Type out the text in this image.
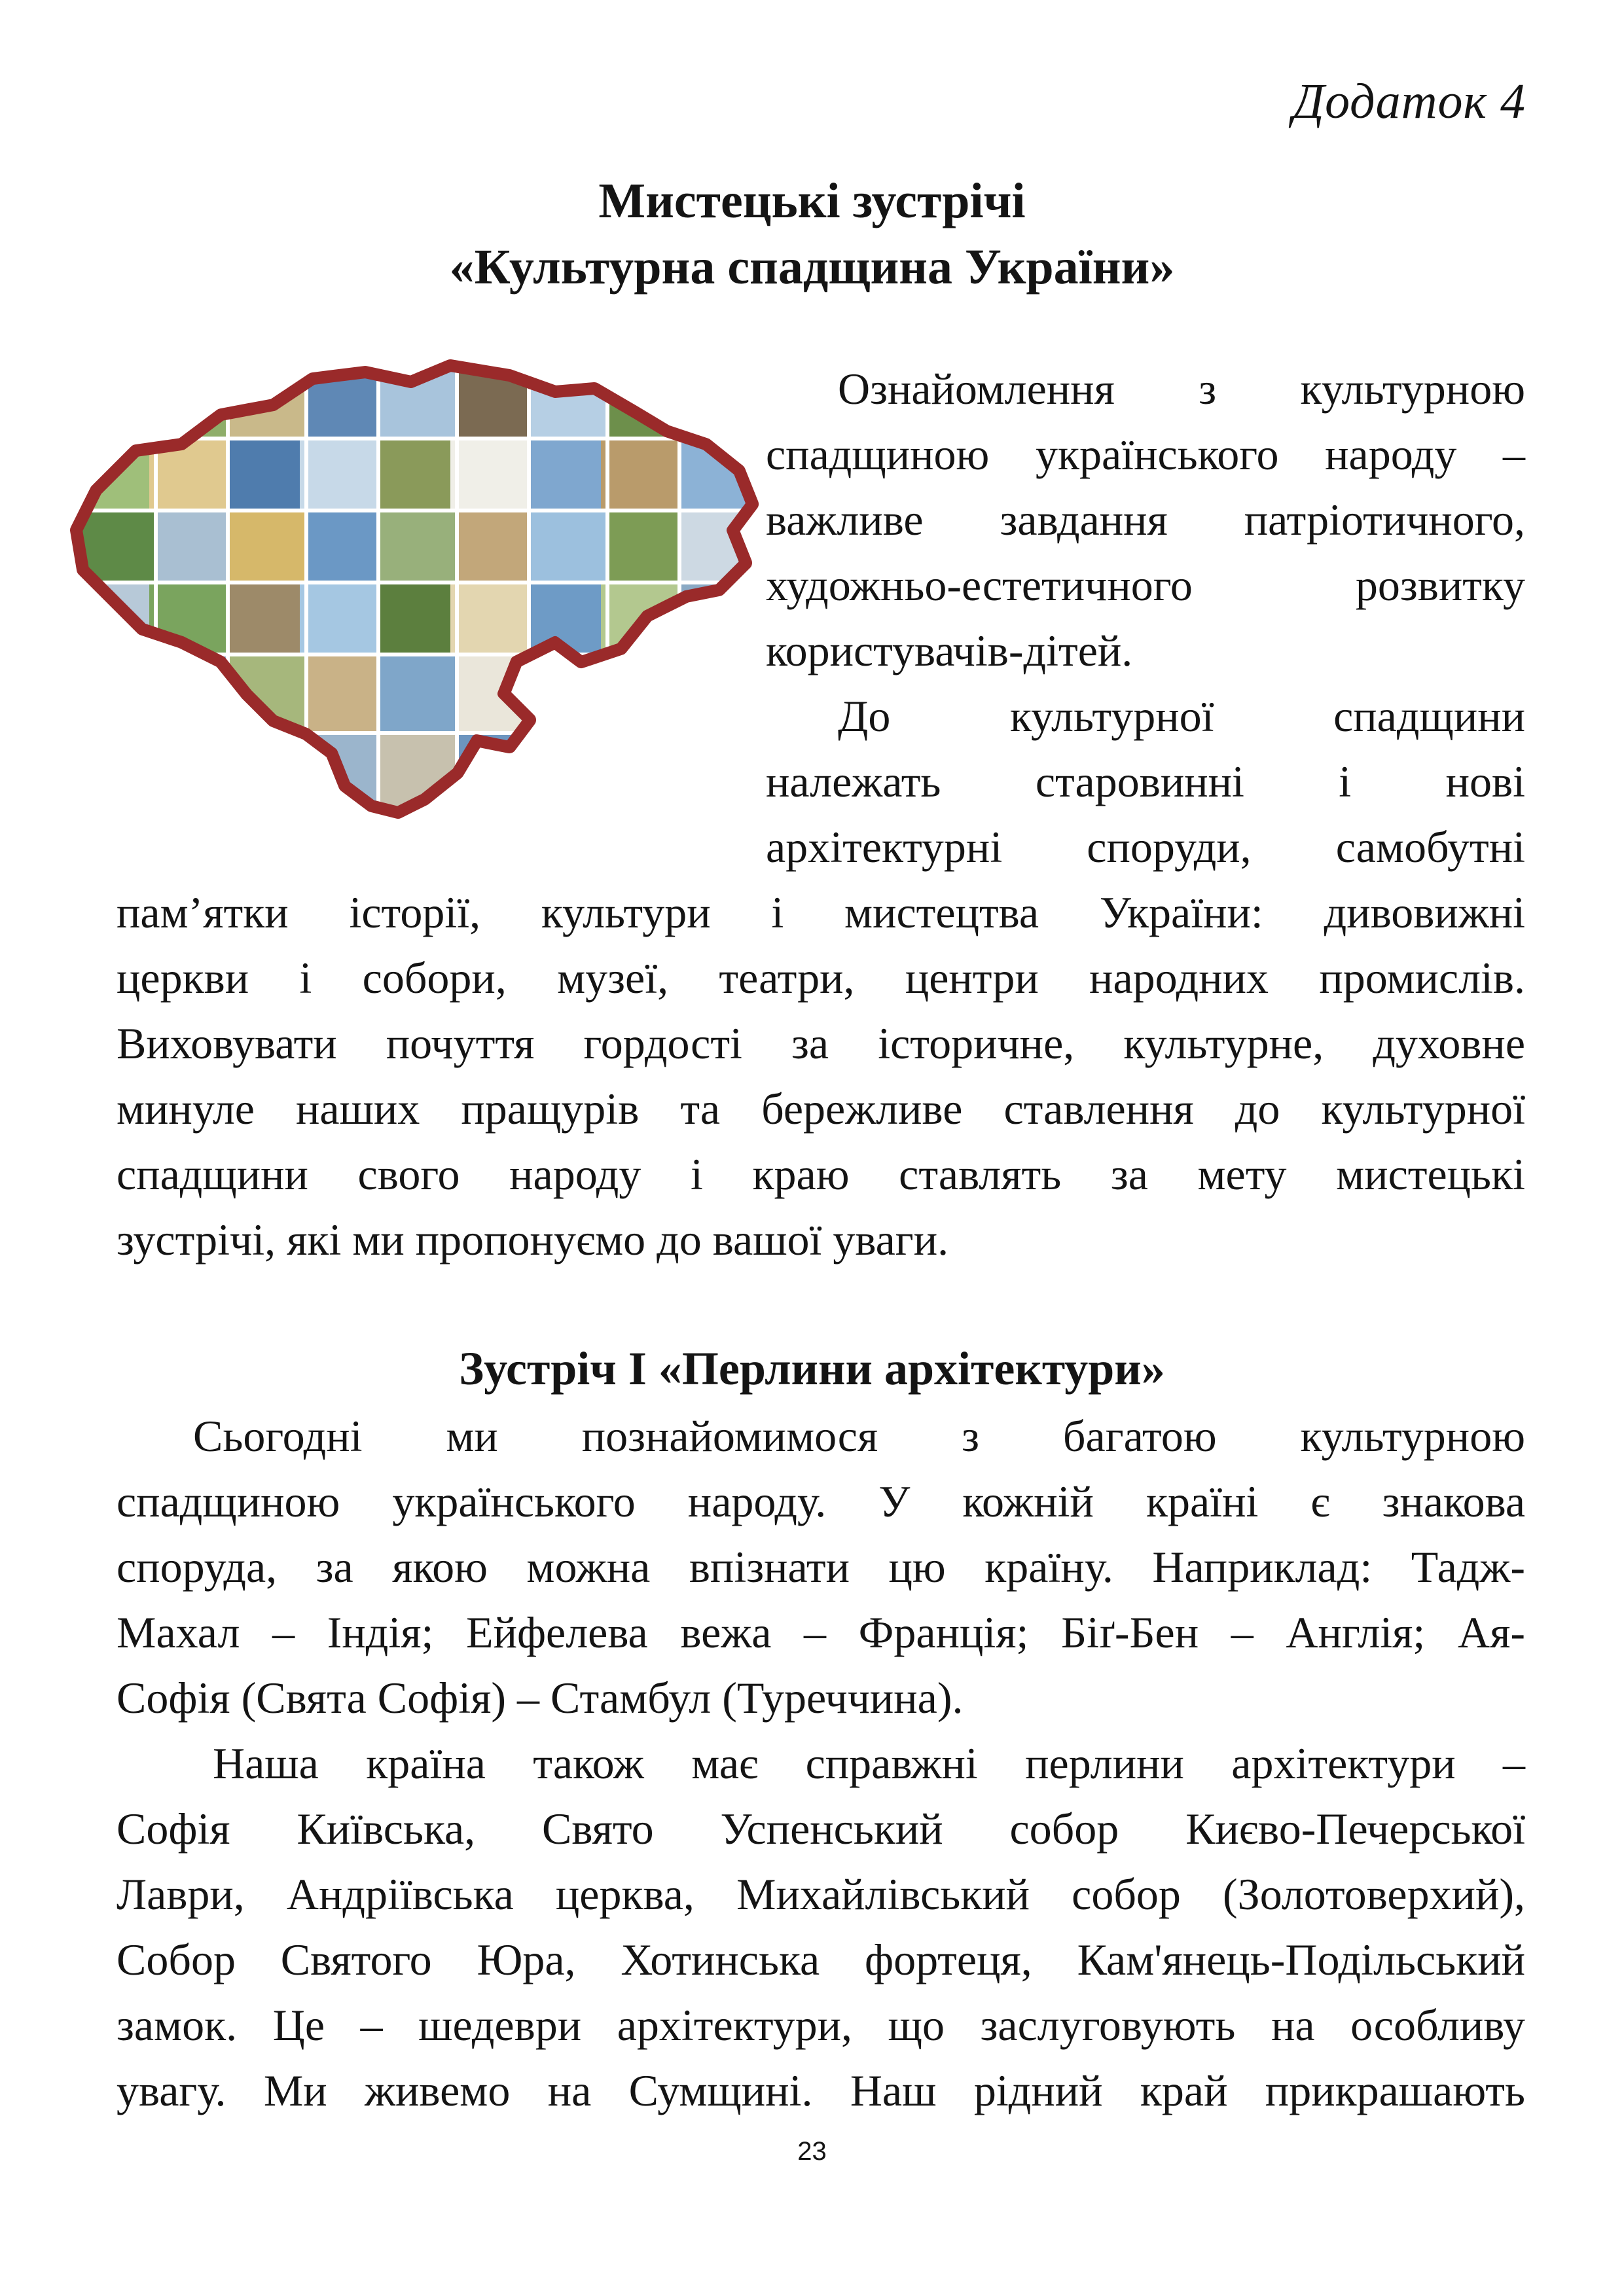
Додаток 4
Мистецькі зустрічі
«Культурна спадщина України»
Ознайомлення з культурною
спадщиною українського народу –
важливе завдання патріотичного,
художньо-естетичного розвитку
користувачів-дітей.
До культурної спадщини
належать старовинні і нові
архітектурні споруди, самобутні
пам’ятки історії, культури і мистецтва України: дивовижні
церкви і собори, музеї, театри, центри народних промислів.
Виховувати почуття гордості за історичне, культурне, духовне
минуле наших пращурів та бережливе ставлення до культурної
спадщини свого народу і краю ставлять за мету мистецькі
зустрічі, які ми пропонуємо до вашої уваги.
Зустріч І «Перлини архітектури»
Сьогодні ми познайомимося з багатою культурною
спадщиною українського народу. У кожній країні є знакова
споруда, за якою можна впізнати цю країну. Наприклад: Тадж-
Махал – Індія; Ейфелева вежа – Франція; Біґ-Бен – Англія; Ая-
Софія (Свята Софія) – Стамбул (Туреччина).
Наша країна також має справжні перлини архітектури –
Софія Київська, Свято Успенський собор Києво-Печерської
Лаври, Андріївська церква, Михайлівський собор (Золотоверхий),
Собор Святого Юра, Хотинська фортеця, Кам'янець-Подільський
замок. Це – шедеври архітектури, що заслуговують на особливу
увагу. Ми живемо на Сумщині. Наш рідний край прикрашають
23
